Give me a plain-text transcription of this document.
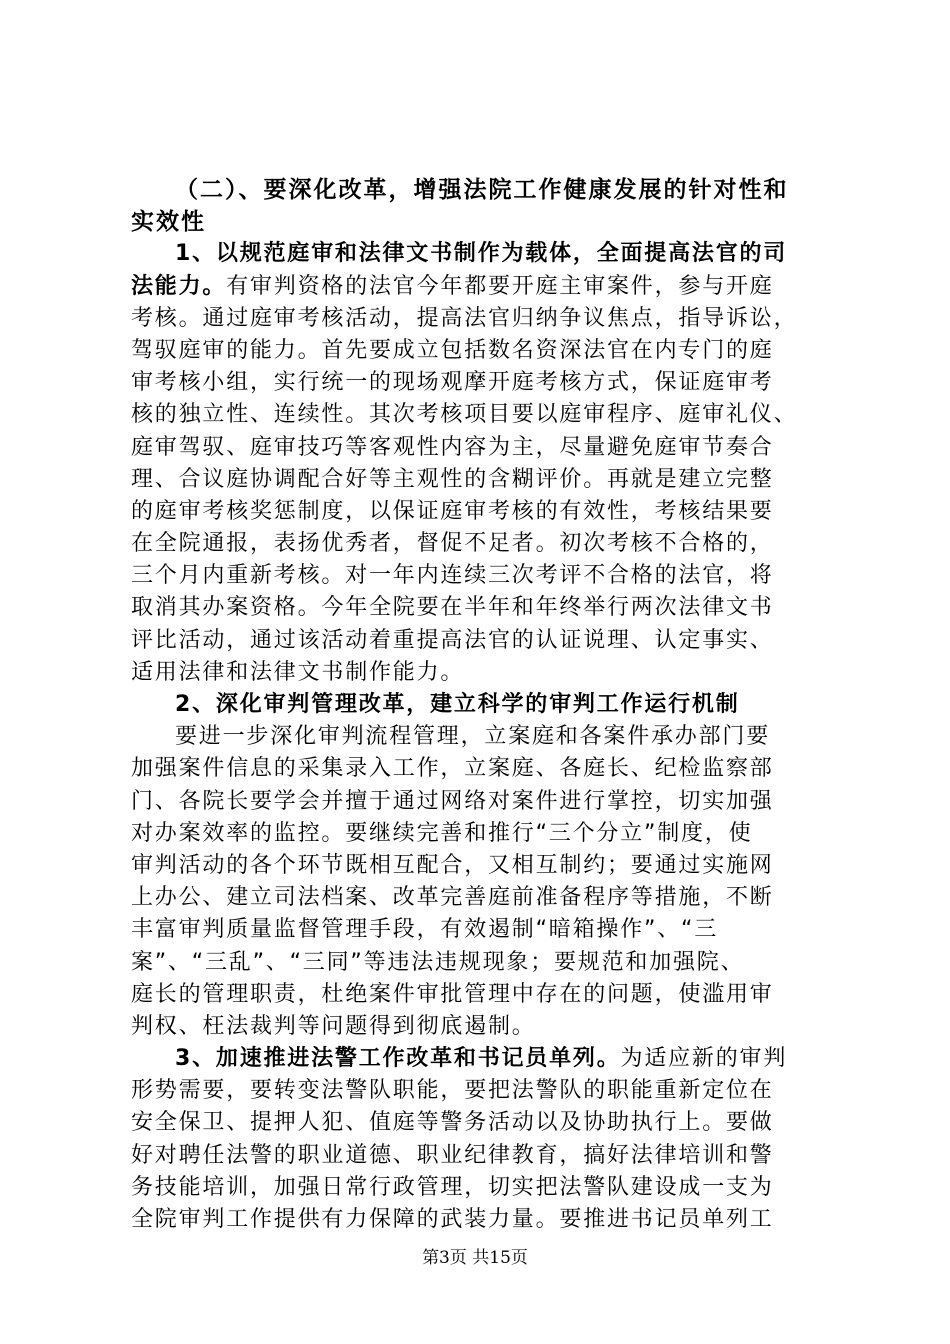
（二）、要深化改革，增强法院工作健康发展的针对性和
实效性
1、以规范庭审和法律文书制作为载体，全面提高法官的司
法能力。有审判资格的法官今年都要开庭主审案件，参与开庭
考核。通过庭审考核活动，提高法官归纳争议焦点，指导诉讼，
驾驭庭审的能力。首先要成立包括数名资深法官在内专门的庭
审考核小组，实行统一的现场观摩开庭考核方式，保证庭审考
核的独立性、连续性。其次考核项目要以庭审程序、庭审礼仪、
庭审驾驭、庭审技巧等客观性内容为主，尽量避免庭审节奏合
理、合议庭协调配合好等主观性的含糊评价。再就是建立完整
的庭审考核奖惩制度，以保证庭审考核的有效性，考核结果要
在全院通报，表扬优秀者，督促不足者。初次考核不合格的，
三个月内重新考核。对一年内连续三次考评不合格的法官，将
取消其办案资格。今年全院要在半年和年终举行两次法律文书
评比活动，通过该活动着重提高法官的认证说理、认定事实、
适用法律和法律文书制作能力。
2、深化审判管理改革，建立科学的审判工作运行机制
要进一步深化审判流程管理，立案庭和各案件承办部门要
加强案件信息的采集录入工作，立案庭、各庭长、纪检监察部
门、各院长要学会并擅于通过网络对案件进行掌控，切实加强
对办案效率的监控。要继续完善和推行“三个分立”制度，使
审判活动的各个环节既相互配合，又相互制约；要通过实施网
上办公、建立司法档案、改革完善庭前准备程序等措施，不断
丰富审判质量监督管理手段，有效遏制“暗箱操作”、“三
案”、“三乱”、“三同”等违法违规现象；要规范和加强院、
庭长的管理职责，杜绝案件审批管理中存在的问题，使滥用审
判权、枉法裁判等问题得到彻底遏制。
3、加速推进法警工作改革和书记员单列。为适应新的审判
形势需要，要转变法警队职能，要把法警队的职能重新定位在
安全保卫、提押人犯、值庭等警务活动以及协助执行上。要做
好对聘任法警的职业道德、职业纪律教育，搞好法律培训和警
务技能培训，加强日常行政管理，切实把法警队建设成一支为
全院审判工作提供有力保障的武装力量。要推进书记员单列工
第3页 共15页
